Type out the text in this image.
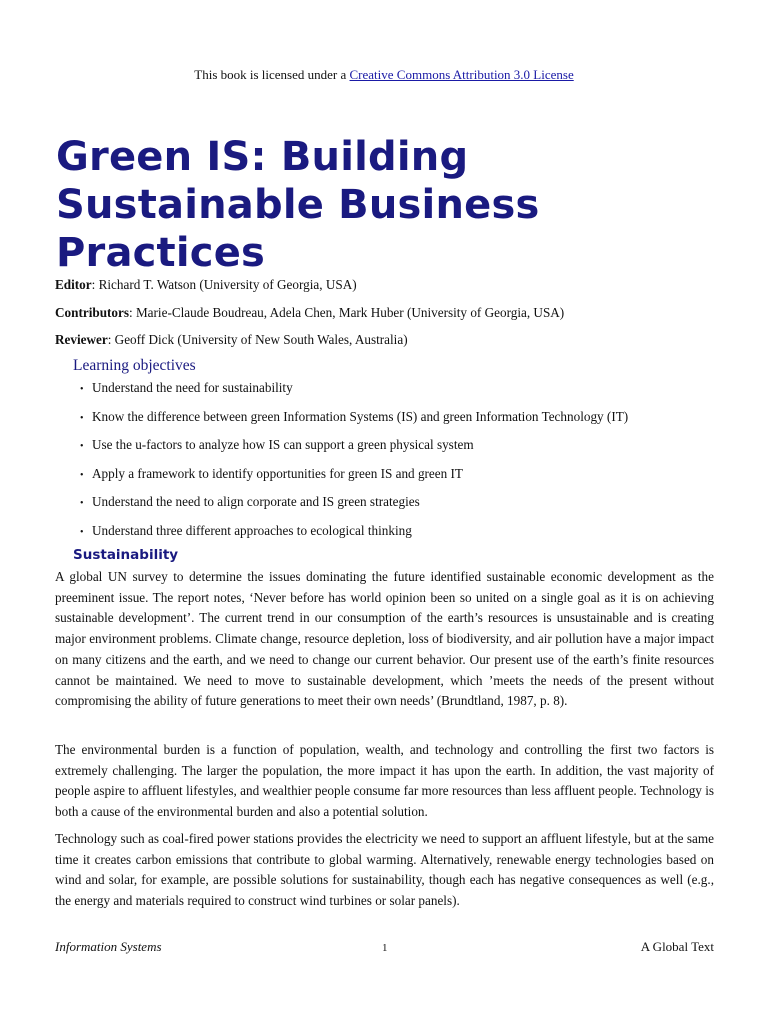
This book is licensed under a Creative Commons Attribution 3.0 License
Green IS: Building Sustainable Business Practices
Editor: Richard T. Watson (University of Georgia, USA)
Contributors: Marie-Claude Boudreau, Adela Chen, Mark Huber (University of Georgia, USA)
Reviewer: Geoff Dick (University of New South Wales, Australia)
Learning objectives
• Understand the need for sustainability
• Know the difference between green Information Systems (IS) and green Information Technology (IT)
• Use the u-factors to analyze how IS can support a green physical system
• Apply a framework to identify opportunities for green IS and green IT
• Understand the need to align corporate and IS green strategies
• Understand three different approaches to ecological thinking
Sustainability

A global UN survey to determine the issues dominating the future identified sustainable economic development as the preeminent issue. The report notes, ‘Never before has world opinion been so united on a single goal as it is on achieving sustainable development’. The current trend in our consumption of the earth’s resources is unsustainable and is creating major environment problems. Climate change, resource depletion, loss of biodiversity, and air pollution have a major impact on many citizens and the earth, and we need to change our current behavior. Our present use of the earth’s finite resources cannot be maintained. We need to move to sustainable development, which ’meets the needs of the present without compromising the ability of future generations to meet their own needs’ (Brundtland, 1987, p. 8).

The environmental burden is a function of population, wealth, and technology and controlling the first two factors is extremely challenging. The larger the population, the more impact it has upon the earth. In addition, the vast majority of people aspire to affluent lifestyles, and wealthier people consume far more resources than less affluent people. Technology is both a cause of the environmental burden and also a potential solution.

Technology such as coal-fired power stations provides the electricity we need to support an affluent lifestyle, but at the same time it creates carbon emissions that contribute to global warming. Alternatively, renewable energy technologies based on wind and solar, for example, are possible solutions for sustainability, though each has negative consequences as well (e.g., the energy and materials required to construct wind turbines or solar panels).

Information Systems	1	A Global Text
